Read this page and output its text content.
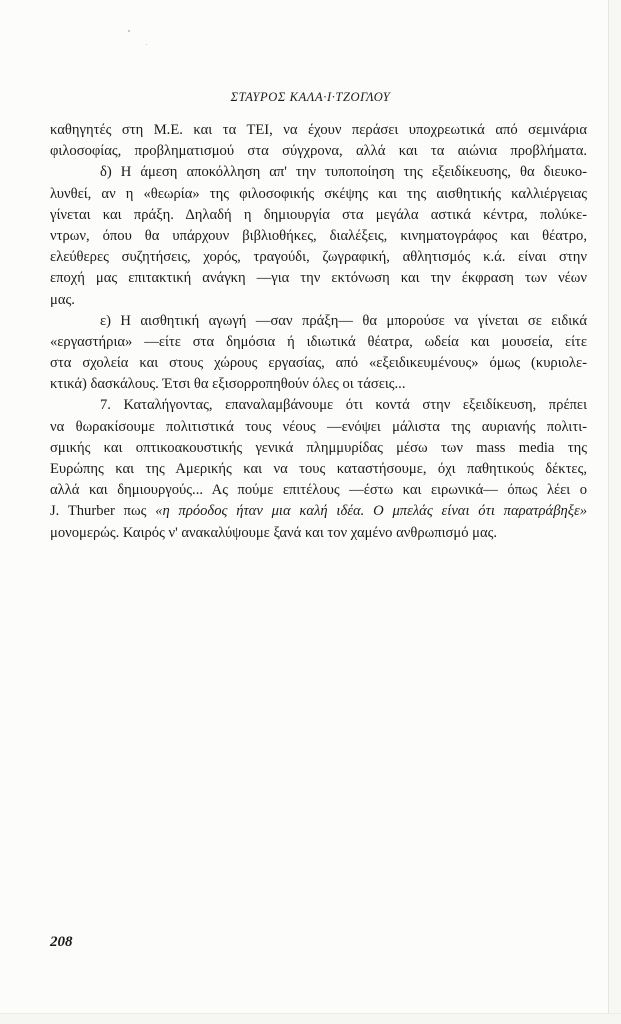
ΣΤΑΥΡΟΣ ΚΑΛΑ·Ι·ΤΖΟΓΛΟΥ
καθηγητές στη Μ.Ε. και τα ΤΕΙ, να έχουν περάσει υποχρεωτικά από σεμινάρια
φιλοσοφίας, προβληματισμού στα σύγχρονα, αλλά και τα αιώνια προβλήματα.
δ) Η άμεση αποκόλληση απ' την τυποποίηση της εξειδίκευσης, θα διευκο-
λυνθεί, αν η «θεωρία» της φιλοσοφικής σκέψης και της αισθητικής καλλιέργειας
γίνεται και πράξη. Δηλαδή η δημιουργία στα μεγάλα αστικά κέντρα, πολύκε-
ντρων, όπου θα υπάρχουν βιβλιοθήκες, διαλέξεις, κινηματογράφος και θέατρο,
ελεύθερες συζητήσεις, χορός, τραγούδι, ζωγραφική, αθλητισμός κ.ά. είναι στην
εποχή μας επιτακτική ανάγκη —για την εκτόνωση και την έκφραση των νέων
μας.
ε) Η αισθητική αγωγή —σαν πράξη— θα μπορούσε να γίνεται σε ειδικά
«εργαστήρια» —είτε στα δημόσια ή ιδιωτικά θέατρα, ωδεία και μουσεία, είτε
στα σχολεία και στους χώρους εργασίας, από «εξειδικευμένους» όμως (κυριολε-
κτικά) δασκάλους. Έτσι θα εξισορροπηθούν όλες οι τάσεις...
7. Καταλήγοντας, επαναλαμβάνουμε ότι κοντά στην εξειδίκευση, πρέπει
να θωρακίσουμε πολιτιστικά τους νέους —ενόψει μάλιστα της αυριανής πολιτι-
σμικής και οπτικοακουστικής γενικά πλημμυρίδας μέσω των mass media της
Ευρώπης και της Αμερικής και να τους καταστήσουμε, όχι παθητικούς δέκτες,
αλλά και δημιουργούς... Ας πούμε επιτέλους —έστω και ειρωνικά— όπως λέει ο
J. Thurber πως «η πρόοδος ήταν μια καλή ιδέα. Ο μπελάς είναι ότι παρατράβηξε»
μονομερώς. Καιρός ν' ανακαλύψουμε ξανά και τον χαμένο ανθρωπισμό μας.
208
